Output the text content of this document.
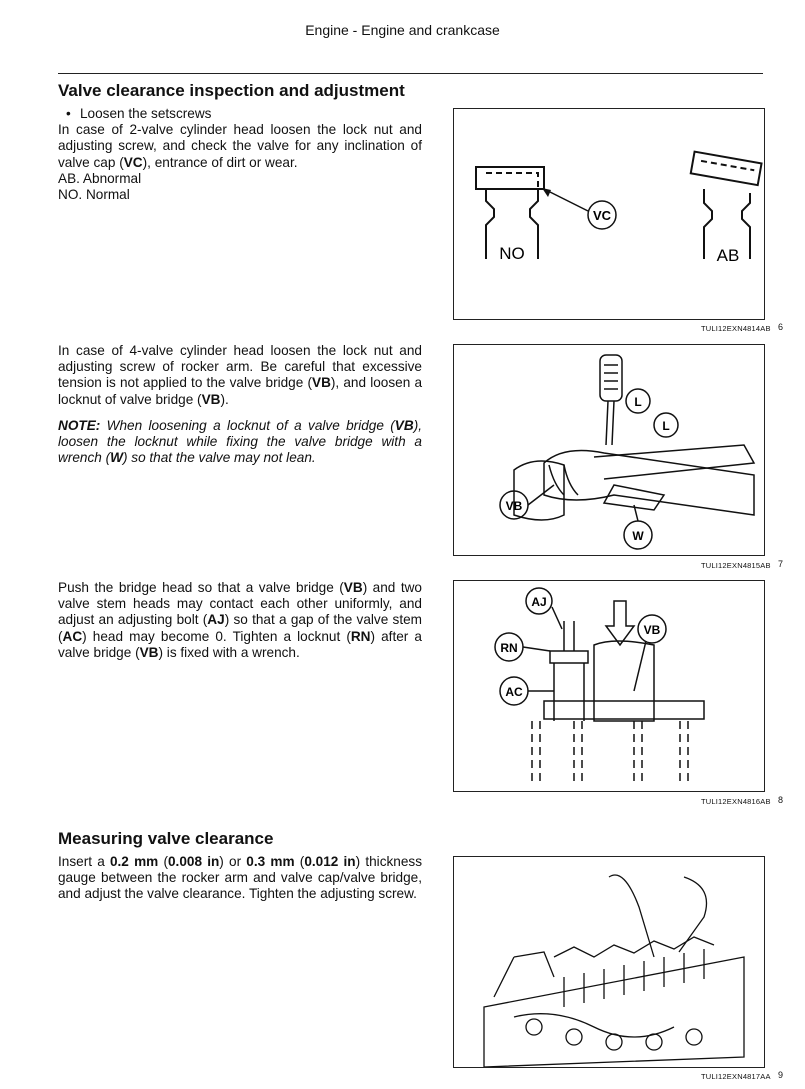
Engine - Engine and crankcase
Valve clearance inspection and adjustment
• Loosen the setscrews

In case of 2-valve cylinder head loosen the lock nut and adjusting screw, and check the valve for any inclination of valve cap (VC), entrance of dirt or wear.

AB. Abnormal
NO. Normal
VC
NO	AB
TULI12EXN4814AB 6

In case of 4-valve cylinder head loosen the lock nut and adjusting screw of rocker arm. Be careful that excessive tension is not applied to the valve bridge (VB), and loosen a locknut of valve bridge (VB).

NOTE: When loosening a locknut of a valve bridge (VB), loosen the locknut while fixing the valve bridge with a wrench (W) so that the valve may not lean.

L
L
VB
W
TULI12EXN4815AB 7

Push the bridge head so that a valve bridge (VB) and two valve stem heads may contact each other uniformly, and adjust an adjusting bolt (AJ) so that a gap of the valve stem (AC) head may become 0. Tighten a locknut (RN) after a valve bridge (VB) is fixed with a wrench.

AJ
RN
AC
VB
TULI12EXN4816AB 8
Measuring valve clearance

Insert a 0.2 mm (0.008 in) or 0.3 mm (0.012 in) thickness gauge between the rocker arm and valve cap/valve bridge, and adjust the valve clearance. Tighten the adjusting screw.

TULI12EXN4817AA 9
